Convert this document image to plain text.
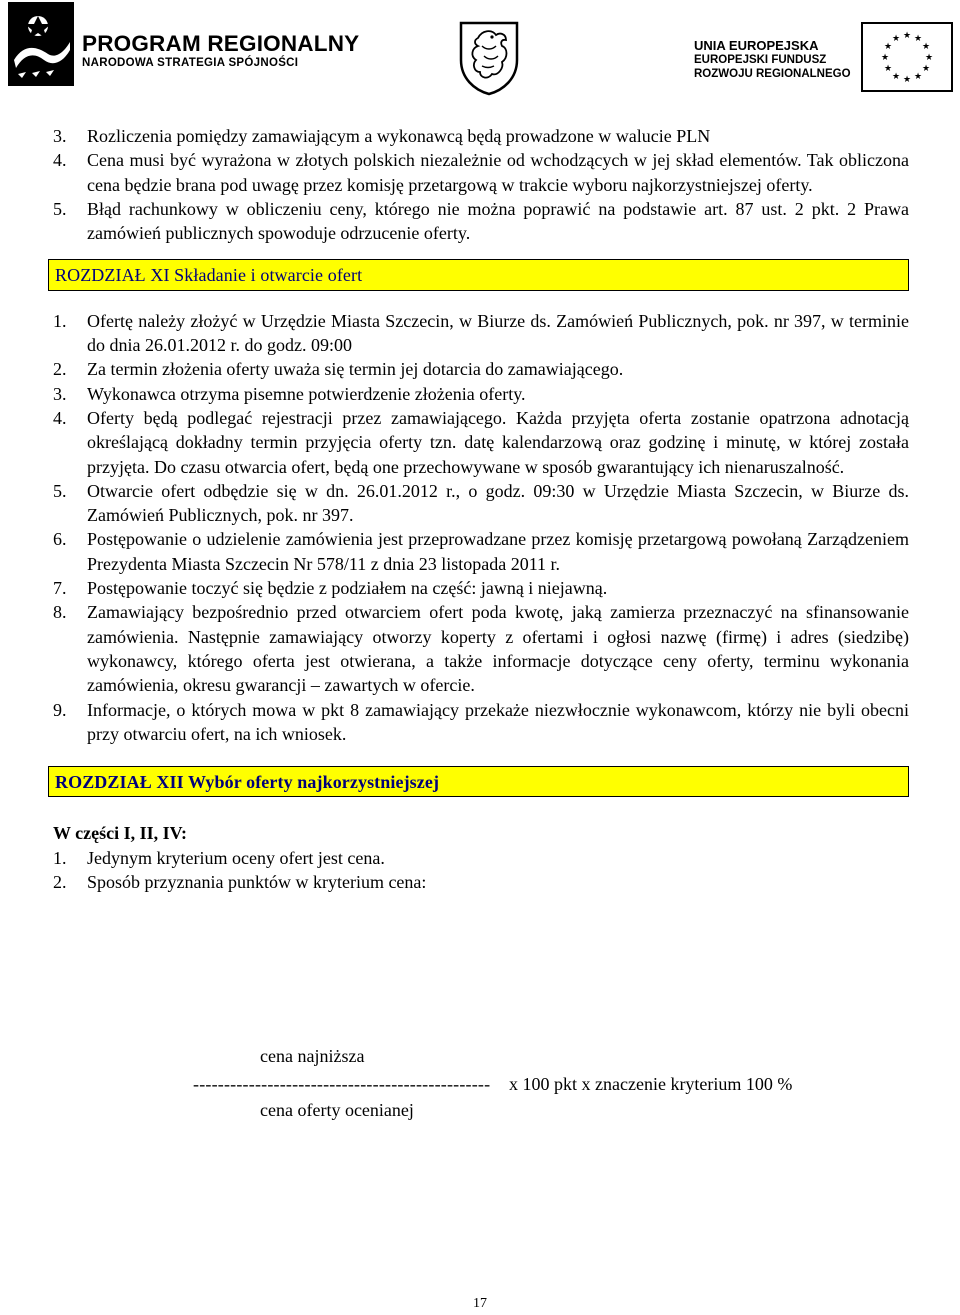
PROGRAM REGIONALNY
NARODOWA STRATEGIA SPÓJNOŚCI
UNIA EUROPEJSKA
EUROPEJSKI FUNDUSZ
ROZWOJU REGIONALNEGO
★ ★
★
★
★
★
★
★
★
★
★
★
3. Rozliczenia pomiędzy zamawiającym a wykonawcą będą prowadzone w walucie PLN
4. Cena musi być wyrażona w złotych polskich niezależnie od wchodzących w jej skład elementów. Tak obliczona cena będzie brana pod uwagę przez komisję przetargową w trakcie wyboru najkorzystniejszej oferty.
5. Błąd rachunkowy w obliczeniu ceny, którego nie można poprawić na podstawie art. 87 ust. 2 pkt. 2 Prawa zamówień publicznych spowoduje odrzucenie oferty.
ROZDZIAŁ XI Składanie i otwarcie ofert
1. Ofertę należy złożyć w Urzędzie Miasta Szczecin, w Biurze ds. Zamówień Publicznych, pok. nr 397, w terminie do dnia 26.01.2012 r. do godz. 09:00
2. Za termin złożenia oferty uważa się termin jej dotarcia do zamawiającego.
3. Wykonawca otrzyma pisemne potwierdzenie złożenia oferty.
4. Oferty będą podlegać rejestracji przez zamawiającego. Każda przyjęta oferta zostanie opatrzona adnotacją określającą dokładny termin przyjęcia oferty tzn. datę kalendarzową oraz godzinę i minutę, w której została przyjęta. Do czasu otwarcia ofert, będą one przechowywane w sposób gwarantujący ich nienaruszalność.
5. Otwarcie ofert odbędzie się w dn. 26.01.2012 r., o godz. 09:30 w Urzędzie Miasta Szczecin, w Biurze ds. Zamówień Publicznych, pok. nr 397.
6. Postępowanie o udzielenie zamówienia jest przeprowadzane przez komisję przetargową powołaną Zarządzeniem Prezydenta Miasta Szczecin Nr 578/11 z dnia 23 listopada 2011 r.
7. Postępowanie toczyć się będzie z podziałem na część: jawną i niejawną.
8. Zamawiający bezpośrednio przed otwarciem ofert poda kwotę, jaką zamierza przeznaczyć na sfinansowanie zamówienia. Następnie zamawiający otworzy koperty z ofertami i ogłosi nazwę (firmę) i adres (siedzibę) wykonawcy, którego oferta jest otwierana, a także informacje dotyczące ceny oferty, terminu wykonania zamówienia, okresu gwarancji – zawartych w ofercie.
9. Informacje, o których mowa w pkt 8 zamawiający przekaże niezwłocznie wykonawcom, którzy nie byli obecni przy otwarciu ofert, na ich wniosek.
ROZDZIAŁ XII Wybór oferty najkorzystniejszej
W części I, II, IV:
1. Jedynym kryterium oceny ofert jest cena.
2. Sposób przyznania punktów w kryterium cena:
cena najniższa
------------------------------------------------ x 100 pkt x znaczenie kryterium 100 %
cena oferty ocenianej
17
